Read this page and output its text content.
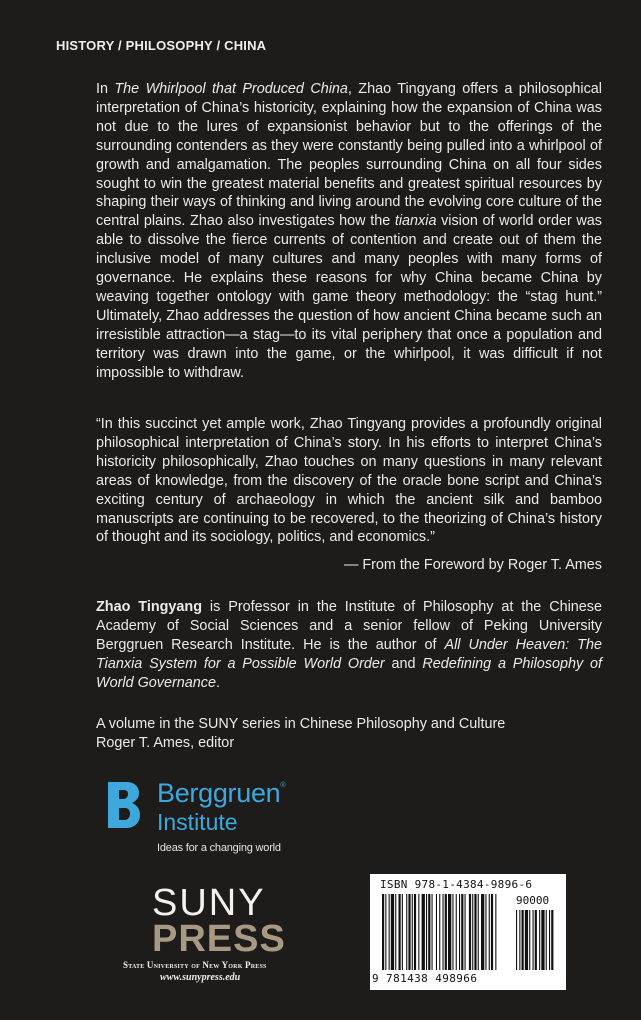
HISTORY / PHILOSOPHY / CHINA

In The Whirlpool that Produced China, Zhao Tingyang offers a philosophical interpretation of China’s historicity, explaining how the expansion of China was not due to the lures of expansionist behavior but to the offerings of the surrounding contenders as they were constantly being pulled into a whirlpool of growth and amalgamation. The peoples surrounding China on all four sides sought to win the greatest material benefits and greatest spiritual resources by shaping their ways of thinking and living around the evolving core culture of the central plains. Zhao also investigates how the tianxia vision of world order was able to dissolve the fierce currents of contention and create out of them the inclusive model of many cultures and many peoples with many forms of governance. He explains these reasons for why China became China by weaving together ontology with game theory methodology: the “stag hunt.” Ultimately, Zhao addresses the question of how ancient China became such an irresistible attraction—a stag—to its vital periphery that once a population and territory was drawn into the game, or the whirlpool, it was difficult if not impossible to withdraw.

“In this succinct yet ample work, Zhao Tingyang provides a profoundly original philosophical interpretation of China’s story. In his efforts to interpret China’s historicity philosophically, Zhao touches on many questions in many relevant areas of knowledge, from the discovery of the oracle bone script and China’s exciting century of archaeology in which the ancient silk and bamboo manuscripts are continuing to be recovered, to the theorizing of China’s history of thought and its sociology, politics, and economics.”

— From the Foreword by Roger T. Ames

Zhao Tingyang is Professor in the Institute of Philosophy at the Chinese Academy of Social Sciences and a senior fellow of Peking University Berggruen Research Institute. He is the author of All Under Heaven: The Tianxia System for a Possible World Order and Redefining a Philosophy of World Governance.

A volume in the SUNY series in Chinese Philosophy and Culture
Roger T. Ames, editor
Berggruen®
Institute
Ideas for a changing world
SUNY
PRESS
State University of New York Press
www.sunypress.edu
ISBN 978-1-4384-9896-6
90000
9 781438 498966
